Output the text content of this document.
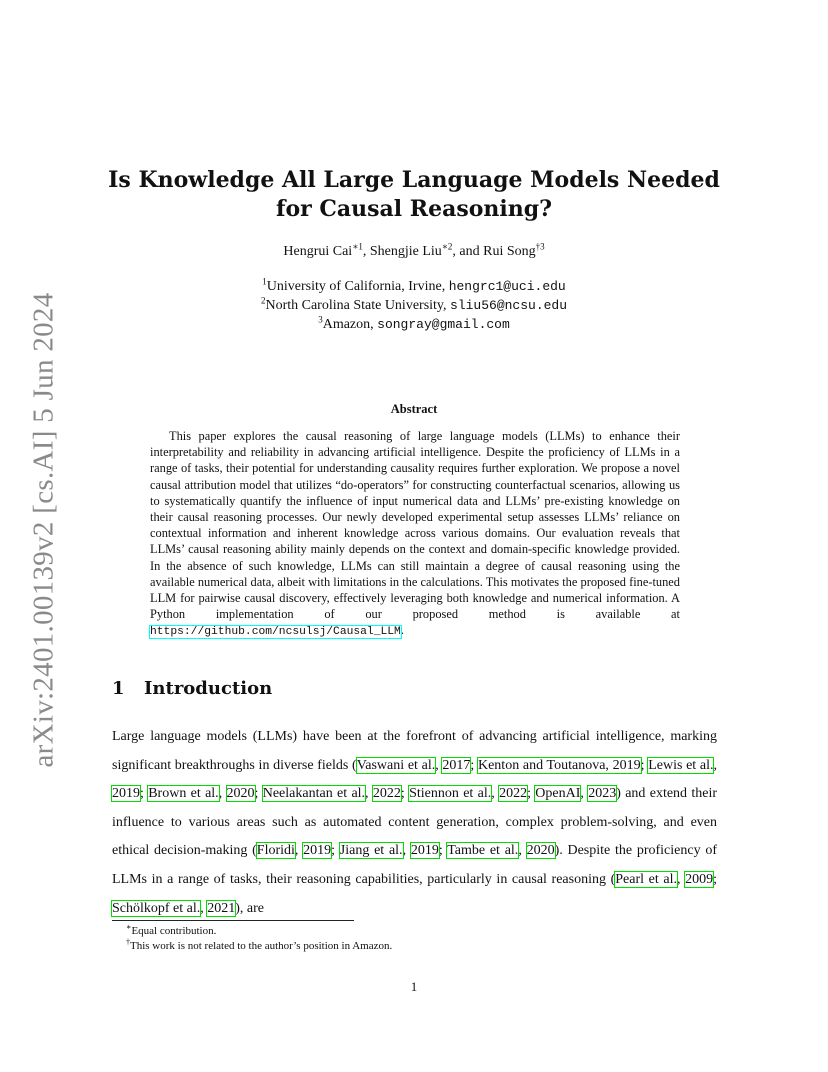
arXiv:2401.00139v2 [cs.AI] 5 Jun 2024
Is Knowledge All Large Language Models Needed
for Causal Reasoning?
Hengrui Cai$^{∗1}$, Shengjie Liu$^{∗2}$, and Rui Song$^{\dagger 3}$
$^1$University of California, Irvine, hengrc1@uci.edu
$^2$North Carolina State University, sliu56@ncsu.edu
$^3$Amazon, songray@gmail.com
Abstract

This paper explores the causal reasoning of large language models (LLMs) to enhance their interpretability and reliability in advancing artificial intelligence. Despite the proficiency of LLMs in a range of tasks, their potential for understanding causality requires further exploration. We propose a novel causal attribution model that utilizes “do-operators” for constructing counterfactual scenarios, allowing us to systematically quantify the influence of input numerical data and LLMs’ pre-existing knowledge on their causal reasoning processes. Our newly developed experimental setup assesses LLMs’ reliance on contextual information and inherent knowledge across various domains. Our evaluation reveals that LLMs’ causal reasoning ability mainly depends on the context and domain-specific knowledge provided. In the absence of such knowledge, LLMs can still maintain a degree of causal reasoning using the available numerical data, albeit with limitations in the calculations. This motivates the proposed fine-tuned LLM for pairwise causal discovery, effectively leveraging both knowledge and numerical information. A Python implementation of our proposed method is available at https://github.com/ncsulsj/Causal_LLM.

1 Introduction

Large language models (LLMs) have been at the forefront of advancing artificial intelligence, marking significant breakthroughs in diverse fields (Vaswani et al., 2017; Kenton and Toutanova, 2019; Lewis et al., 2019; Brown et al., 2020; Neelakantan et al., 2022; Stiennon et al., 2022; OpenAI, 2023) and extend their influence to various areas such as automated content generation, complex problem-solving, and even ethical decision-making (Floridi, 2019; Jiang et al., 2019; Tambe et al., 2020). Despite the proficiency of LLMs in a range of tasks, their reasoning capabilities, particularly in causal reasoning (Pearl et al., 2009; Schölkopf et al., 2021), are

∗Equal contribution.
†This work is not related to the author’s position in Amazon.
1
